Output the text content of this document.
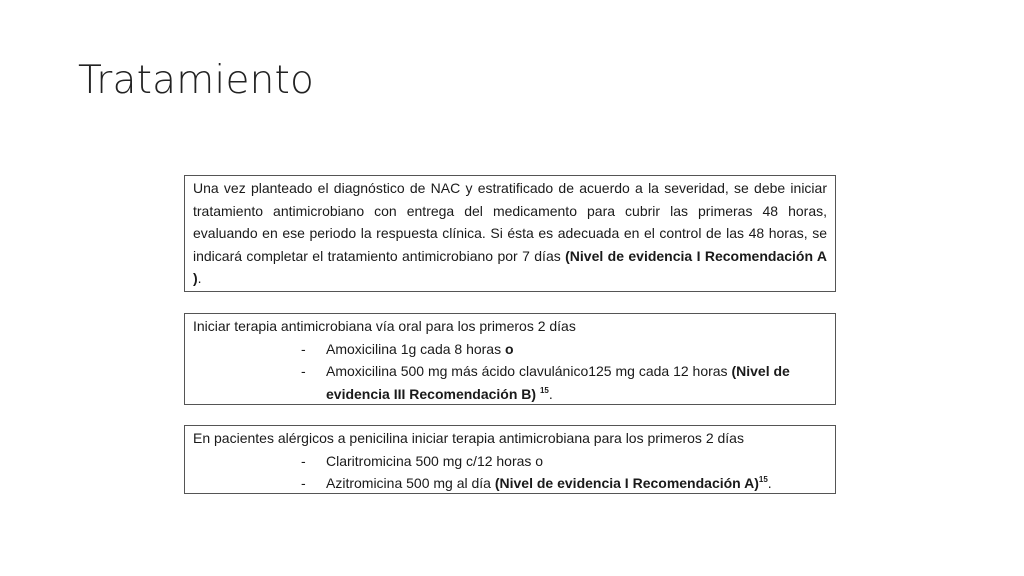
Tratamiento

Una vez planteado el diagnóstico de NAC y estratificado de acuerdo a la severidad, se debe iniciar tratamiento antimicrobiano con entrega del medicamento para cubrir las primeras 48 horas, evaluando en ese periodo la respuesta clínica. Si ésta es adecuada en el control de las 48 horas, se indicará completar el tratamiento antimicrobiano por 7 días (Nivel de evidencia I Recomendación A ).

Iniciar terapia antimicrobiana vía oral para los primeros 2 días

- Amoxicilina 1g cada 8 horas o

- Amoxicilina 500 mg más ácido clavulánico125 mg cada 12 horas (Nivel de evidencia III Recomendación B) $^{15}$.

En pacientes alérgicos a penicilina iniciar terapia antimicrobiana para los primeros 2 días

- Claritromicina 500 mg c/12 horas o

- Azitromicina 500 mg al día (Nivel de evidencia I Recomendación A)$^{15}$.
